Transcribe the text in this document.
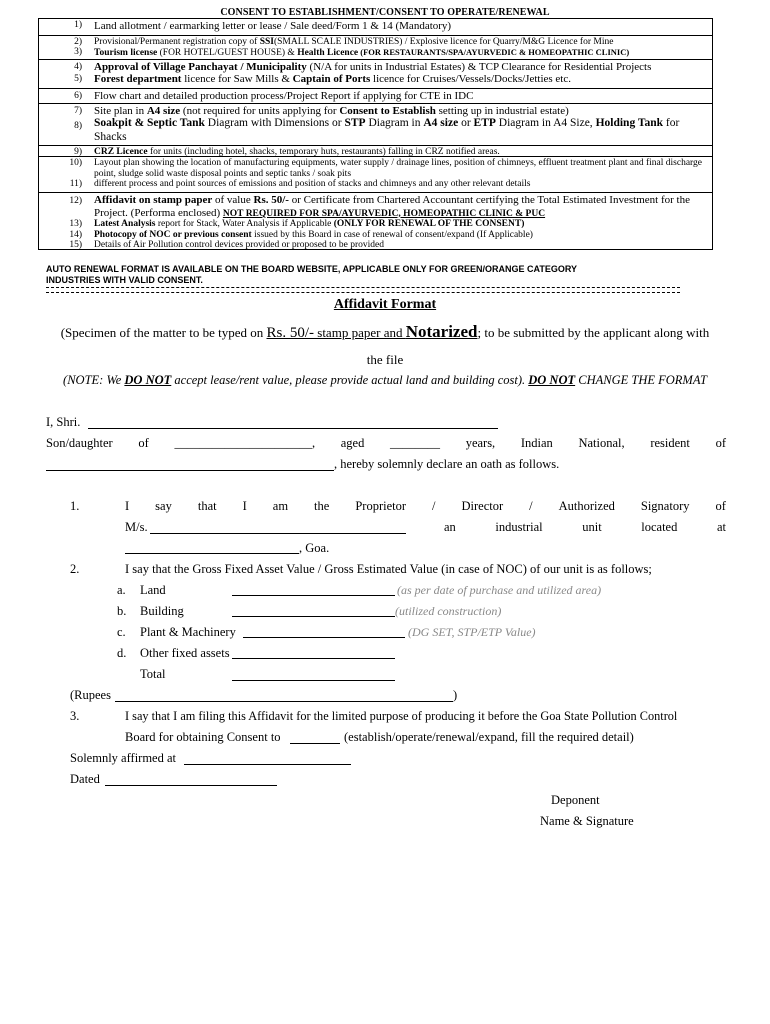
CONSENT TO ESTABLISHMENT/CONSENT TO OPERATE/RENEWAL
1) Land allotment / earmarking letter or lease / Sale deed/Form 1 & 14 (Mandatory)
2) Provisional/Permanent registration copy of SSI(SMALL SCALE INDUSTRIES) / Explosive licence for Quarry/M&G Licence for Mine
3) Tourism license (FOR HOTEL/GUEST HOUSE) & Health Licence (FOR RESTAURANTS/SPA/AYURVEDIC & HOMEOPATHIC CLINIC)
4) Approval of Village Panchayat / Municipality (N/A for units in Industrial Estates) & TCP Clearance for Residential Projects
5) Forest department licence for Saw Mills & Captain of Ports licence for Cruises/Vessels/Docks/Jetties etc.
6) Flow chart and detailed production process/Project Report if applying for CTE in IDC
7) Site plan in A4 size (not required for units applying for Consent to Establish setting up in industrial estate)
8) Soakpit & Septic Tank Diagram with Dimensions or STP Diagram in A4 size or ETP Diagram in A4 Size, Holding Tank for Shacks
9) CRZ Licence for units (including hotel, shacks, temporary huts, restaurants) falling in CRZ notified areas.
10) Layout plan showing the location of manufacturing equipments, water supply / drainage lines, position of chimneys, effluent treatment plant and final discharge point, sludge solid waste disposal points and septic tanks / soak pits
11) different process and point sources of emissions and position of stacks and chimneys and any other relevant details
12) Affidavit on stamp paper of value Rs. 50/- or Certificate from Chartered Accountant certifying the Total Estimated Investment for the Project. (Performa enclosed) NOT REQUIRED FOR SPA/AYURVEDIC, HOMEOPATHIC CLINIC & PUC
13) Latest Analysis report for Stack, Water Analysis if Applicable (ONLY FOR RENEWAL OF THE CONSENT)
14) Photocopy of NOC or previous consent issued by this Board in case of renewal of consent/expand (If Applicable)
15) Details of Air Pollution control devices provided or proposed to be provided
AUTO RENEWAL FORMAT IS AVAILABLE ON THE BOARD WEBSITE, APPLICABLE ONLY FOR GREEN/ORANGE CATEGORY
INDUSTRIES WITH VALID CONSENT.
Affidavit Format
(Specimen of the matter to be typed on Rs. 50/- stamp paper and Notarized; to be submitted by the applicant along with
the file
(NOTE: We DO NOT accept lease/rent value, please provide actual land and building cost). DO NOT CHANGE THE FORMAT
I, Shri.
Son/daughter of ______________________, aged ________ years, Indian National, resident of
, hereby solemnly declare an oath as follows.
1.	I say that I am the Proprietor / Director / Authorized Signatory of
M/s.	an	industrial	unit	located	at
, Goa.
2.	I say that the Gross Fixed Asset Value / Gross Estimated Value (in case of NOC) of our unit is as follows;
a. Land	(as per date of purchase and utilized area)
b. Building	(utilized construction)
c. Plant & Machinery	(DG SET, STP/ETP Value)
d. Other fixed assets
Total
(Rupees	)
3.	I say that I am filing this Affidavit for the limited purpose of producing it before the Goa State Pollution Control
Board for obtaining Consent to	(establish/operate/renewal/expand, fill the required detail)
Solemnly affirmed at
Dated
Deponent
Name & Signature
